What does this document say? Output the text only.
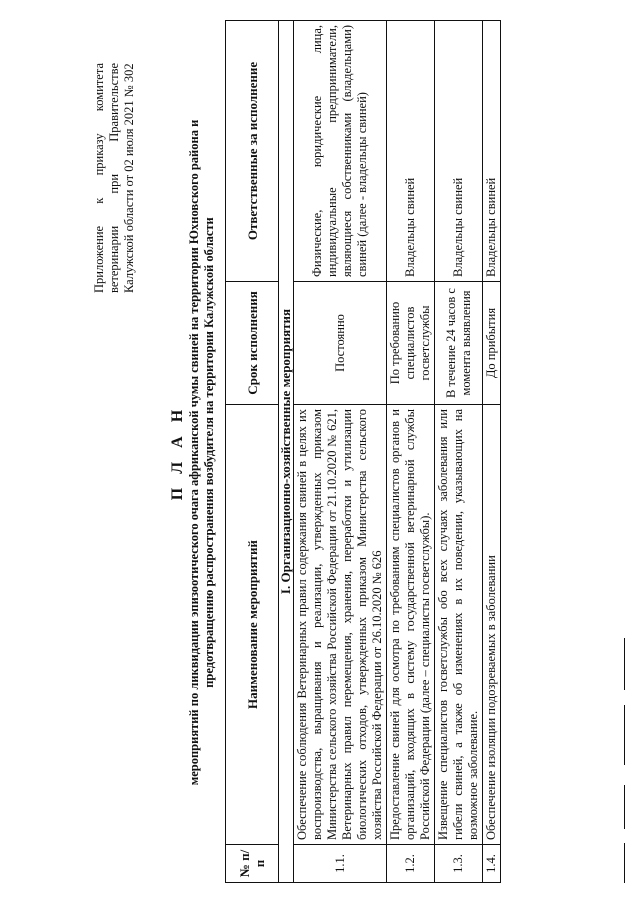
Приложение к приказу комитета ветеринарии при Правительстве Калужской области от 02 июля 2021 № 302
П Л А Н мероприятий по ликвидации эпизоотического очага африканской чумы свиней на территории Юхновского района и предотвращению распространения возбудителя на территории Калужской области
№ п/п	Наименование мероприятий	Срок исполнения	Ответственные за исполнение
I. Организационно-хозяйственные мероприятия			
1.1.	Обеспечение соблюдения Ветеринарных правил содержания свиней в целях их воспроизводства, выращивания и реализации, утвержденных приказом Министерства сельского хозяйства Российской Федерации от 21.10.2020 № 621, Ветеринарных правил перемещения, хранения, переработки и утилизации биологических отходов, утвержденных приказом Министерства сельского хозяйства Российской Федерации от 26.10.2020 № 626	Постоянно	Физические, юридические лица, индивидуальные предприниматели, являющиеся собственниками (владельцами) свиней (далее - владельцы свиней)
1.2.	Предоставление свиней для осмотра по требованиям специалистов органов и организаций, входящих в систему государственной ветеринарной службы Российской Федерации (далее – специалисты госветслужбы).	По требованию специалистов госветслужбы	Владельцы свиней
1.3.	Извещение специалистов госветслужбы обо всех случаях заболевания или гибели свиней, а также об изменениях в их поведении, указывающих на возможное заболевание.	В течение 24 часов с момента выявления	Владельцы свиней
1.4.	Обеспечение изоляции подозреваемых в заболевании	До прибытия	Владельцы свиней
